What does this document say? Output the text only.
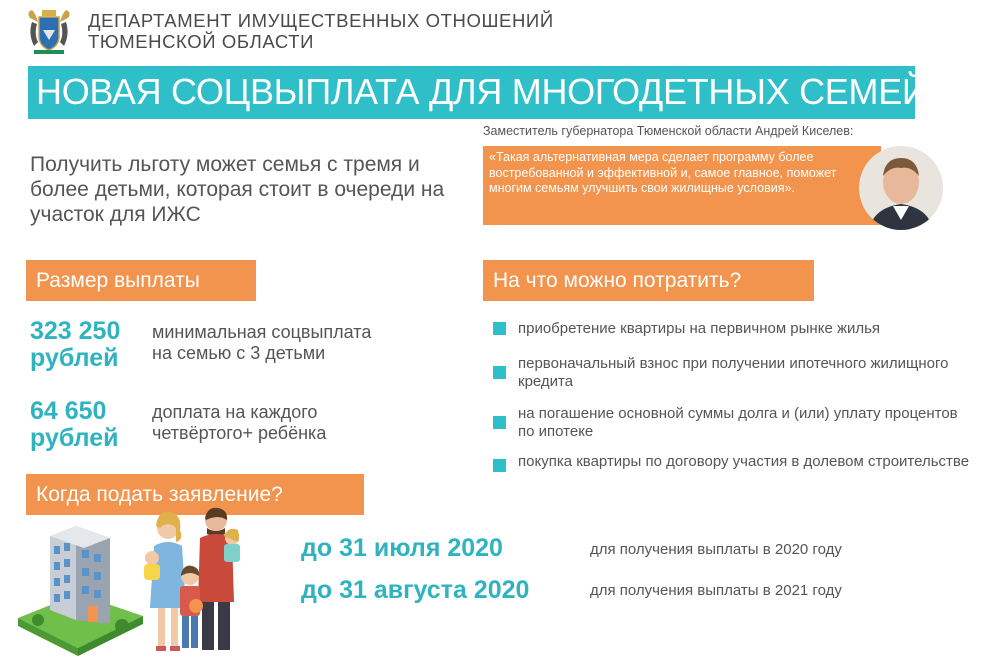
ДЕПАРТАМЕНТ ИМУЩЕСТВЕННЫХ ОТНОШЕНИЙ
ТЮМЕНСКОЙ ОБЛАСТИ
НОВАЯ СОЦВЫПЛАТА ДЛЯ МНОГОДЕТНЫХ СЕМЕЙ
Получить льготу может семья с тремя и более детьми, которая стоит в очереди на участок для ИЖС
Заместитель губернатора Тюменской области Андрей Киселев:
«Такая альтернативная мера сделает программу более востребованной и эффективной и, самое главное, поможет многим семьям улучшить свои жилищные условия».
Размер выплаты
323 250
рублей
минимальная соцвыплата
на семью с 3 детьми
64 650
рублей
доплата на каждого
четвёртого+ ребёнка
На что можно потратить?
приобретение квартиры на первичном рынке жилья
первоначальный взнос при получении ипотечного жилищного кредита
на погашение основной суммы долга и (или) уплату процентов по ипотеке
покупка квартиры по договору участия в долевом строительстве
Когда подать заявление?
до 31 июля 2020	для получения выплаты в 2020 году
до 31 августа 2020	для получения выплаты в 2021 году
